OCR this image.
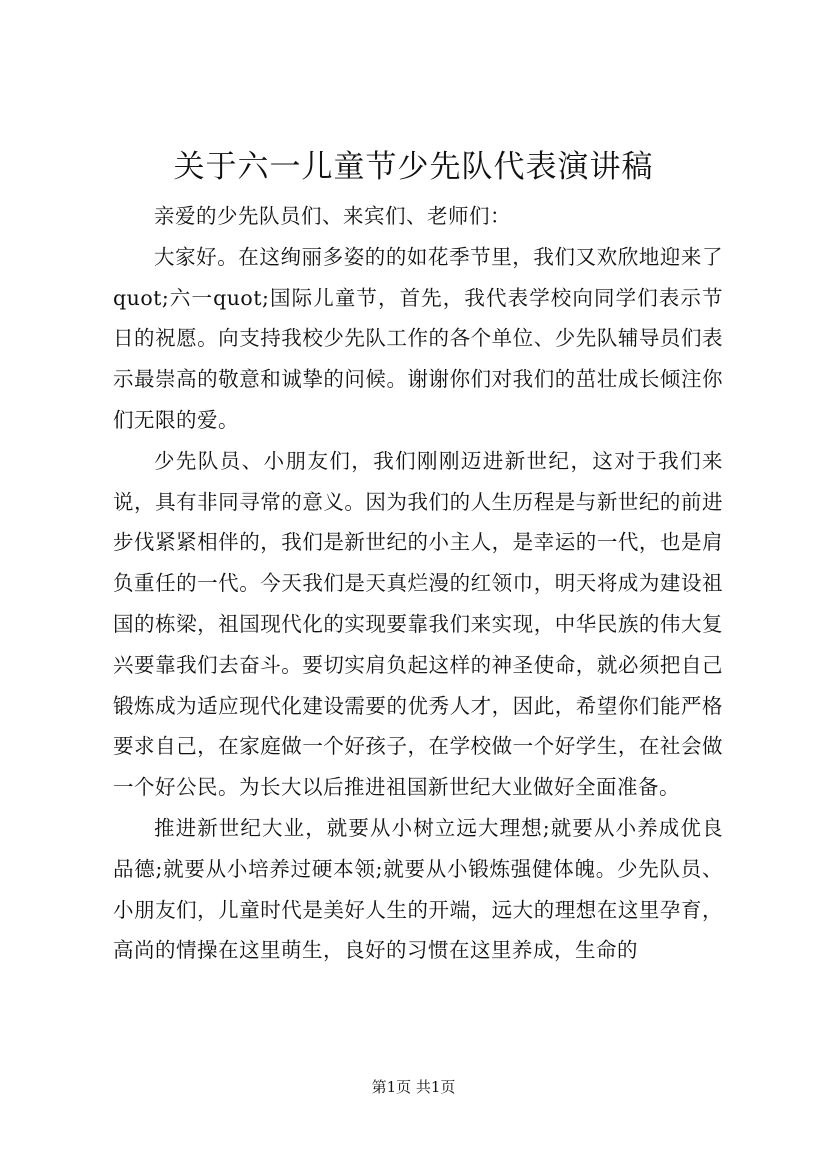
关于六一儿童节少先队代表演讲稿

亲爱的少先队员们、来宾们、老师们：

大家好。在这绚丽多姿的的如花季节里，我们又欢欣地迎来了quot;六一quot;国际儿童节，首先，我代表学校向同学们表示节日的祝愿。向支持我校少先队工作的各个单位、少先队辅导员们表示最崇高的敬意和诚挚的问候。谢谢你们对我们的茁壮成长倾注你们无限的爱。

少先队员、小朋友们，我们刚刚迈进新世纪，这对于我们来说，具有非同寻常的意义。因为我们的人生历程是与新世纪的前进步伐紧紧相伴的，我们是新世纪的小主人，是幸运的一代，也是肩负重任的一代。今天我们是天真烂漫的红领巾，明天将成为建设祖国的栋梁，祖国现代化的实现要靠我们来实现，中华民族的伟大复兴要靠我们去奋斗。要切实肩负起这样的神圣使命，就必须把自己锻炼成为适应现代化建设需要的优秀人才，因此，希望你们能严格要求自己，在家庭做一个好孩子，在学校做一个好学生，在社会做一个好公民。为长大以后推进祖国新世纪大业做好全面准备。

推进新世纪大业，就要从小树立远大理想;就要从小养成优良品德;就要从小培养过硬本领;就要从小锻炼强健体魄。少先队员、小朋友们，儿童时代是美好人生的开端，远大的理想在这里孕育，高尚的情操在这里萌生，良好的习惯在这里养成，生命的

第1页 共1页
